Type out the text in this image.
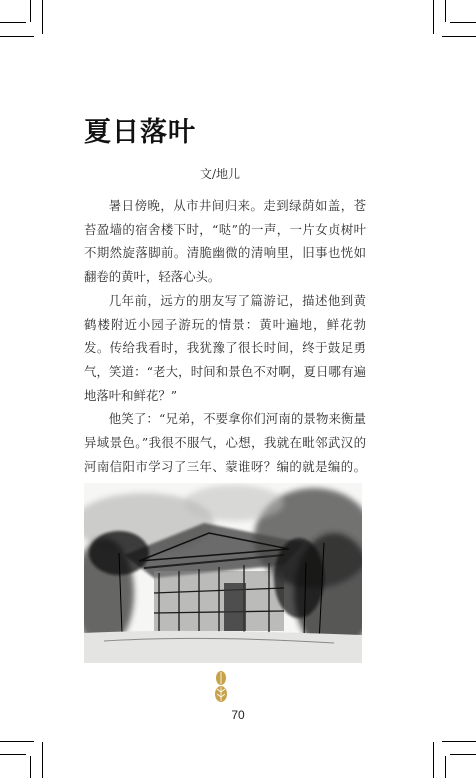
夏日落叶
文/地儿

暑日傍晚，从市井间归来。走到绿荫如盖，苍苔盈墙的宿舍楼下时，“哒”的一声，一片女贞树叶不期然旋落脚前。清脆幽微的清响里，旧事也恍如翻卷的黄叶，轻落心头。

几年前，远方的朋友写了篇游记，描述他到黄鹤楼附近小园子游玩的情景：黄叶遍地，鲜花勃发。传给我看时，我犹豫了很长时间，终于鼓足勇气，笑道：“老大，时间和景色不对啊，夏日哪有遍地落叶和鲜花？”

他笑了：“兄弟，不要拿你们河南的景物来衡量异域景色。”我很不服气，心想，我就在毗邻武汉的河南信阳市学习了三年、蒙谁呀？编的就是编的。

70
